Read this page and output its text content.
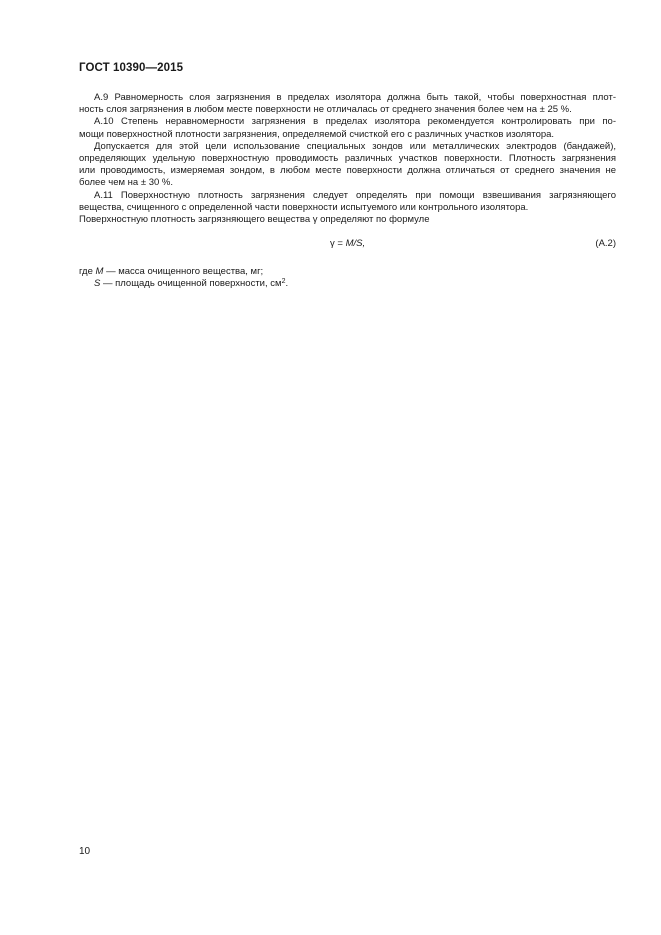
ГОСТ 10390—2015

А.9 Равномерность слоя загрязнения в пределах изолятора должна быть такой, чтобы поверхностная плот-
ность слоя загрязнения в любом месте поверхности не отличалась от среднего значения более чем на ± 25 %.

А.10 Степень неравномерности загрязнения в пределах изолятора рекомендуется контролировать при по-
мощи поверхностной плотности загрязнения, определяемой счисткой его с различных участков изолятора.

Допускается для этой цели использование специальных зондов или металлических электродов (бандажей),
определяющих удельную поверхностную проводимость различных участков поверхности. Плотность загрязнения
или проводимость, измеряемая зондом, в любом месте поверхности должна отличаться от среднего значения не
более чем на ± 30 %.

А.11 Поверхностную плотность загрязнения следует определять при помощи взвешивания загрязняющего
вещества, счищенного с определенной части поверхности испытуемого или контрольного изолятора.

Поверхностную плотность загрязняющего вещества γ определяют по формуле

γ = M/S,	(А.2)
где M — масса очищенного вещества, мг;
S — площадь очищенной поверхности, $см^2$.
10
